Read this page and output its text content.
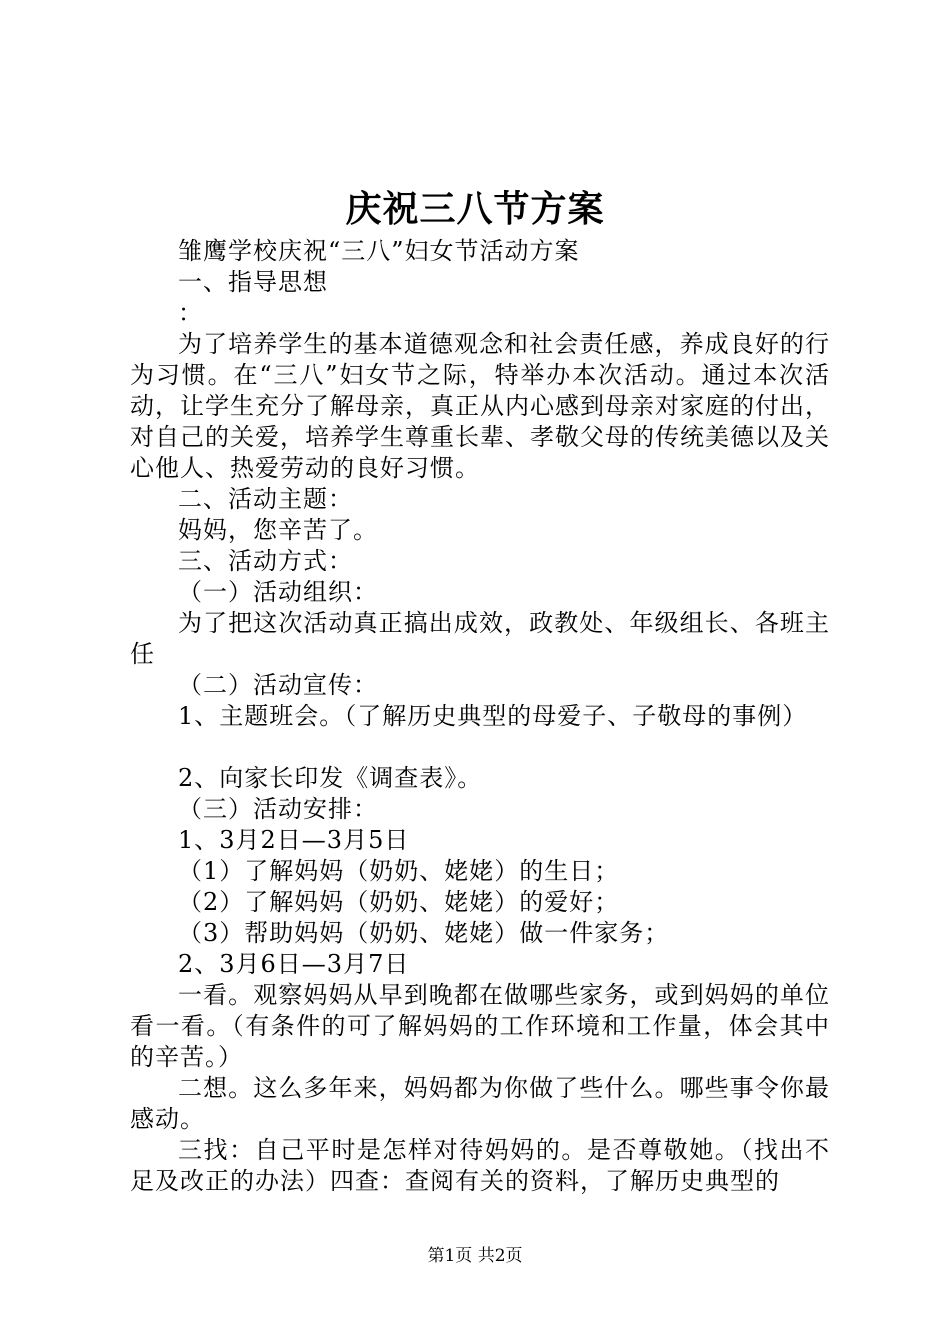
庆祝三八节方案

雏鹰学校庆祝“三八”妇女节活动方案

一、指导思想

：

为了培养学生的基本道德观念和社会责任感，养成良好的行为习惯。在“三八”妇女节之际，特举办本次活动。通过本次活动，让学生充分了解母亲，真正从内心感到母亲对家庭的付出，对自己的关爱，培养学生尊重长辈、孝敬父母的传统美德以及关心他人、热爱劳动的良好习惯。

二、活动主题：

妈妈，您辛苦了。

三、活动方式：

（一）活动组织：

为了把这次活动真正搞出成效，政教处、年级组长、各班主任

（二）活动宣传：

1、主题班会。（了解历史典型的母爱子、子敬母的事例）

2、向家长印发《调查表》。

（三）活动安排：

1、3月2日—3月5日

（1）了解妈妈（奶奶、姥姥）的生日；

（2）了解妈妈（奶奶、姥姥）的爱好；

（3）帮助妈妈（奶奶、姥姥）做一件家务；

2、3月6日—3月7日

一看。观察妈妈从早到晚都在做哪些家务，或到妈妈的单位看一看。（有条件的可了解妈妈的工作环境和工作量，体会其中的辛苦。）

二想。这么多年来，妈妈都为你做了些什么。哪些事令你最感动。

三找：自己平时是怎样对待妈妈的。是否尊敬她。（找出不足及改正的办法）四查：查阅有关的资料，了解历史典型的

第1页 共2页
